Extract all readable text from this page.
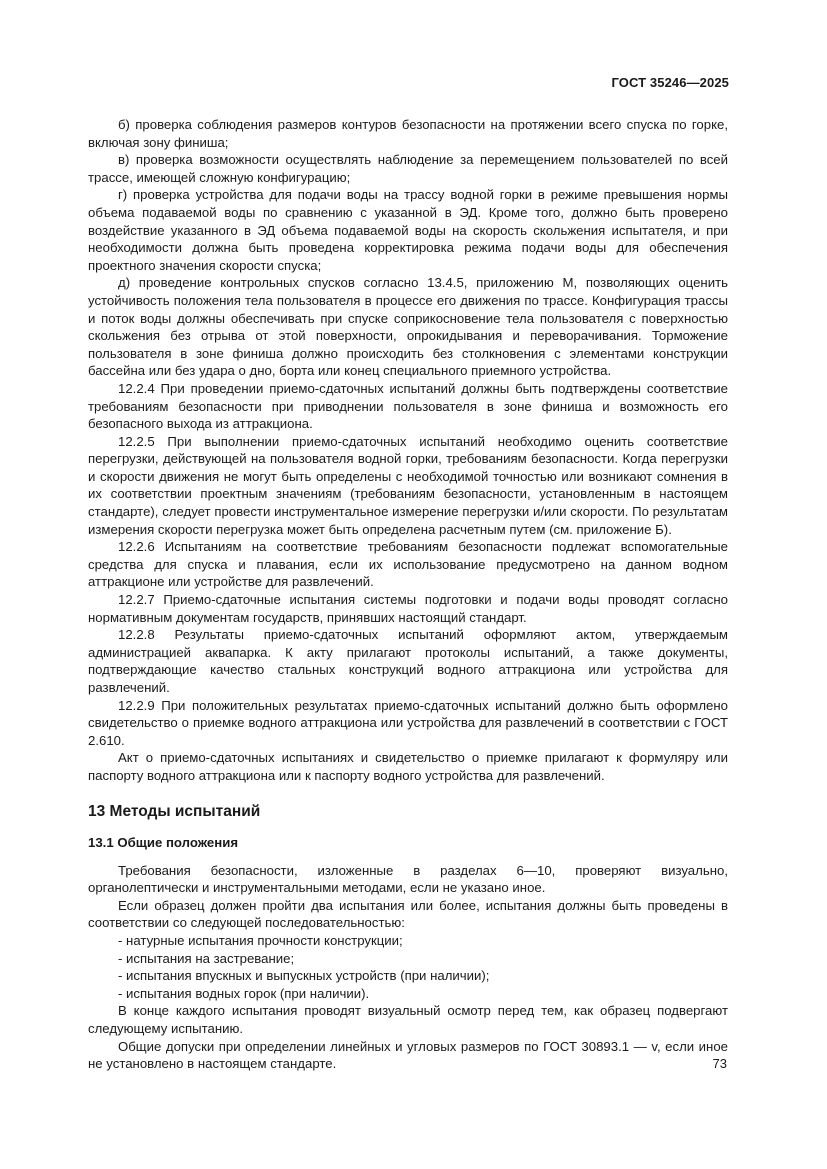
ГОСТ 35246—2025

б) проверка соблюдения размеров контуров безопасности на протяжении всего спуска по горке, включая зону финиша;

в) проверка возможности осуществлять наблюдение за перемещением пользователей по всей трассе, имеющей сложную конфигурацию;

г) проверка устройства для подачи воды на трассу водной горки в режиме превышения нормы объема подаваемой воды по сравнению с указанной в ЭД. Кроме того, должно быть проверено воздействие указанного в ЭД объема подаваемой воды на скорость скольжения испытателя, и при необходимости должна быть проведена корректировка режима подачи воды для обеспечения проектного значения скорости спуска;

д) проведение контрольных спусков согласно 13.4.5, приложению М, позволяющих оценить устойчивость положения тела пользователя в процессе его движения по трассе. Конфигурация трассы и поток воды должны обеспечивать при спуске соприкосновение тела пользователя с поверхностью скольжения без отрыва от этой поверхности, опрокидывания и переворачивания. Торможение пользователя в зоне финиша должно происходить без столкновения с элементами конструкции бассейна или без удара о дно, борта или конец специального приемного устройства.

12.2.4 При проведении приемо-сдаточных испытаний должны быть подтверждены соответствие требованиям безопасности при приводнении пользователя в зоне финиша и возможность его безопасного выхода из аттракциона.

12.2.5 При выполнении приемо-сдаточных испытаний необходимо оценить соответствие перегрузки, действующей на пользователя водной горки, требованиям безопасности. Когда перегрузки и скорости движения не могут быть определены с необходимой точностью или возникают сомнения в их соответствии проектным значениям (требованиям безопасности, установленным в настоящем стандарте), следует провести инструментальное измерение перегрузки и/или скорости. По результатам измерения скорости перегрузка может быть определена расчетным путем (см. приложение Б).

12.2.6 Испытаниям на соответствие требованиям безопасности подлежат вспомогательные средства для спуска и плавания, если их использование предусмотрено на данном водном аттракционе или устройстве для развлечений.

12.2.7 Приемо-сдаточные испытания системы подготовки и подачи воды проводят согласно нормативным документам государств, принявших настоящий стандарт.

12.2.8 Результаты приемо-сдаточных испытаний оформляют актом, утверждаемым администрацией аквапарка. К акту прилагают протоколы испытаний, а также документы, подтверждающие качество стальных конструкций водного аттракциона или устройства для развлечений.

12.2.9 При положительных результатах приемо-сдаточных испытаний должно быть оформлено свидетельство о приемке водного аттракциона или устройства для развлечений в соответствии с ГОСТ 2.610.

Акт о приемо-сдаточных испытаниях и свидетельство о приемке прилагают к формуляру или паспорту водного аттракциона или к паспорту водного устройства для развлечений.

13 Методы испытаний
13.1 Общие положения

Требования безопасности, изложенные в разделах 6—10, проверяют визуально, органолептически и инструментальными методами, если не указано иное.

Если образец должен пройти два испытания или более, испытания должны быть проведены в соответствии со следующей последовательностью:

- натурные испытания прочности конструкции;

- испытания на застревание;

- испытания впускных и выпускных устройств (при наличии);

- испытания водных горок (при наличии).

В конце каждого испытания проводят визуальный осмотр перед тем, как образец подвергают следующему испытанию.

Общие допуски при определении линейных и угловых размеров по ГОСТ 30893.1 — v, если иное не установлено в настоящем стандарте.	73
